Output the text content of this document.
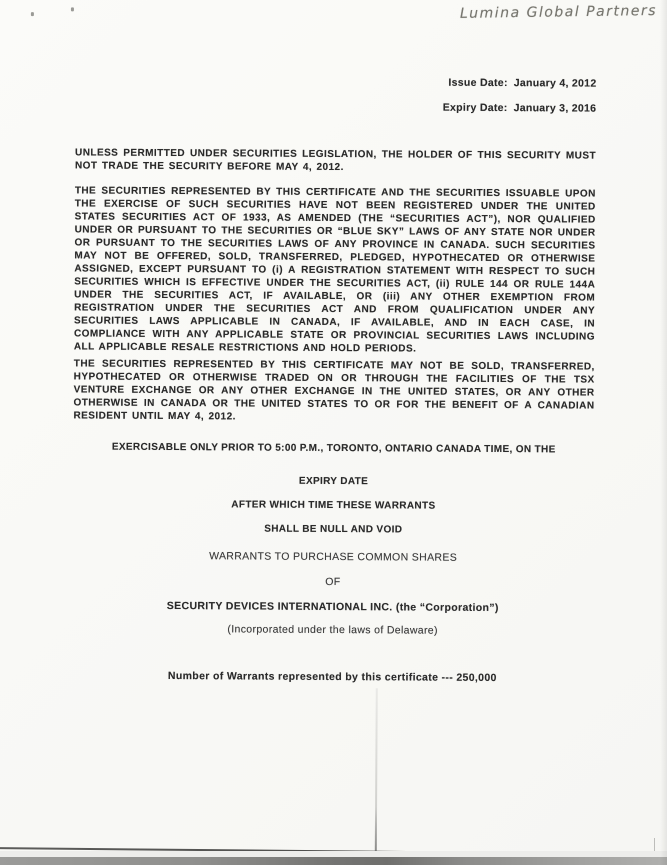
Lumina Global Partners
Issue Date: January 4, 2012
Expiry Date: January 3, 2016
UNLESS PERMITTED UNDER SECURITIES LEGISLATION, THE HOLDER OF THIS SECURITY MUST NOT TRADE THE SECURITY BEFORE MAY 4, 2012.
THE SECURITIES REPRESENTED BY THIS CERTIFICATE AND THE SECURITIES ISSUABLE UPON THE EXERCISE OF SUCH SECURITIES HAVE NOT BEEN REGISTERED UNDER THE UNITED STATES SECURITIES ACT OF 1933, AS AMENDED (THE “SECURITIES ACT”), NOR QUALIFIED UNDER OR PURSUANT TO THE SECURITIES OR “BLUE SKY” LAWS OF ANY STATE NOR UNDER OR PURSUANT TO THE SECURITIES LAWS OF ANY PROVINCE IN CANADA. SUCH SECURITIES MAY NOT BE OFFERED, SOLD, TRANSFERRED, PLEDGED, HYPOTHECATED OR OTHERWISE ASSIGNED, EXCEPT PURSUANT TO (i) A REGISTRATION STATEMENT WITH RESPECT TO SUCH SECURITIES WHICH IS EFFECTIVE UNDER THE SECURITIES ACT, (ii) RULE 144 OR RULE 144A UNDER THE SECURITIES ACT, IF AVAILABLE, OR (iii) ANY OTHER EXEMPTION FROM REGISTRATION UNDER THE SECURITIES ACT AND FROM QUALIFICATION UNDER ANY SECURITIES LAWS APPLICABLE IN CANADA, IF AVAILABLE, AND IN EACH CASE, IN COMPLIANCE WITH ANY APPLICABLE STATE OR PROVINCIAL SECURITIES LAWS INCLUDING ALL APPLICABLE RESALE RESTRICTIONS AND HOLD PERIODS.
THE SECURITIES REPRESENTED BY THIS CERTIFICATE MAY NOT BE SOLD, TRANSFERRED, HYPOTHECATED OR OTHERWISE TRADED ON OR THROUGH THE FACILITIES OF THE TSX VENTURE EXCHANGE OR ANY OTHER EXCHANGE IN THE UNITED STATES, OR ANY OTHER OTHERWISE IN CANADA OR THE UNITED STATES TO OR FOR THE BENEFIT OF A CANADIAN RESIDENT UNTIL MAY 4, 2012.
EXERCISABLE ONLY PRIOR TO 5:00 P.M., TORONTO, ONTARIO CANADA TIME, ON THE
EXPIRY DATE
AFTER WHICH TIME THESE WARRANTS
SHALL BE NULL AND VOID
WARRANTS TO PURCHASE COMMON SHARES
OF
SECURITY DEVICES INTERNATIONAL INC. (the “Corporation”)
(Incorporated under the laws of Delaware)
Number of Warrants represented by this certificate --- 250,000
